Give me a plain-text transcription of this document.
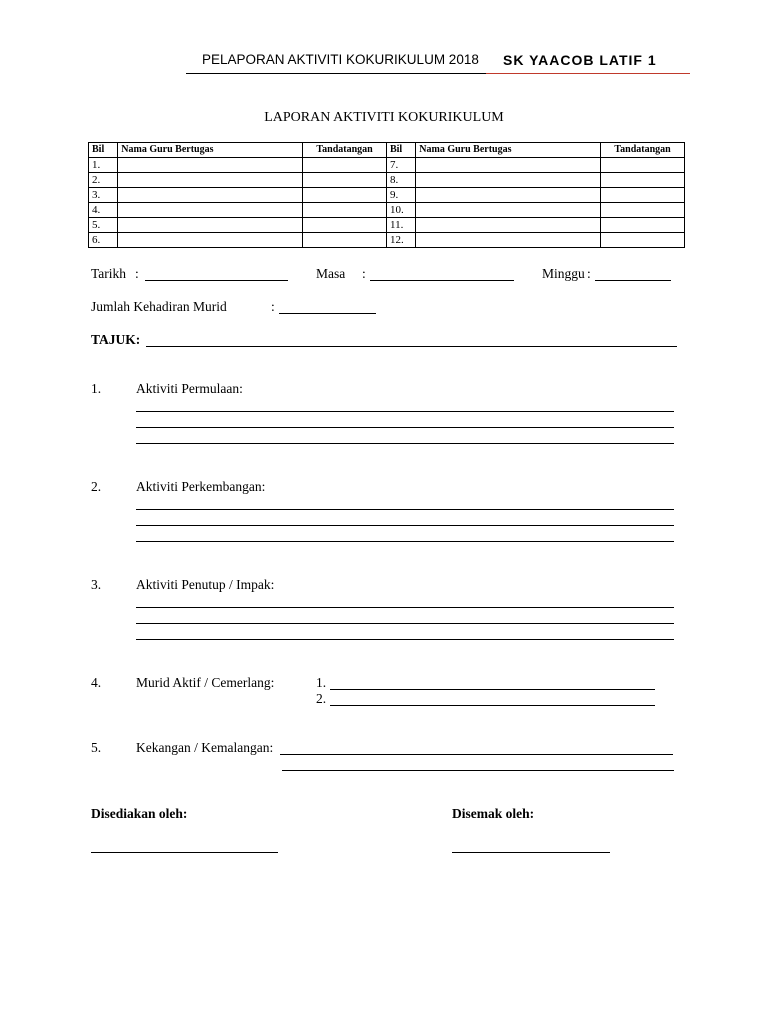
PELAPORAN AKTIVITI KOKURIKULUM 2018 SK YAACOB LATIF 1
LAPORAN AKTIVITI KOKURIKULUM
Bil	Nama Guru Bertugas	Tandatangan	Bil	Nama Guru Bertugas	Tandatangan
1.			7.		
2.			8.		
3.			9.		
4.			10.		
5.			11.		
6.			12.		
Tarikh :	Masa :	Minggu :
Jumlah Kehadiran Murid	:
TAJUK:
1.	Aktiviti Permulaan:
2.	Aktiviti Perkembangan:
3.	Aktiviti Penutup / Impak:
4.	Murid Aktif / Cemerlang:	1.
2.
5.	Kekangan / Kemalangan:
Disediakan oleh:	Disemak oleh:
